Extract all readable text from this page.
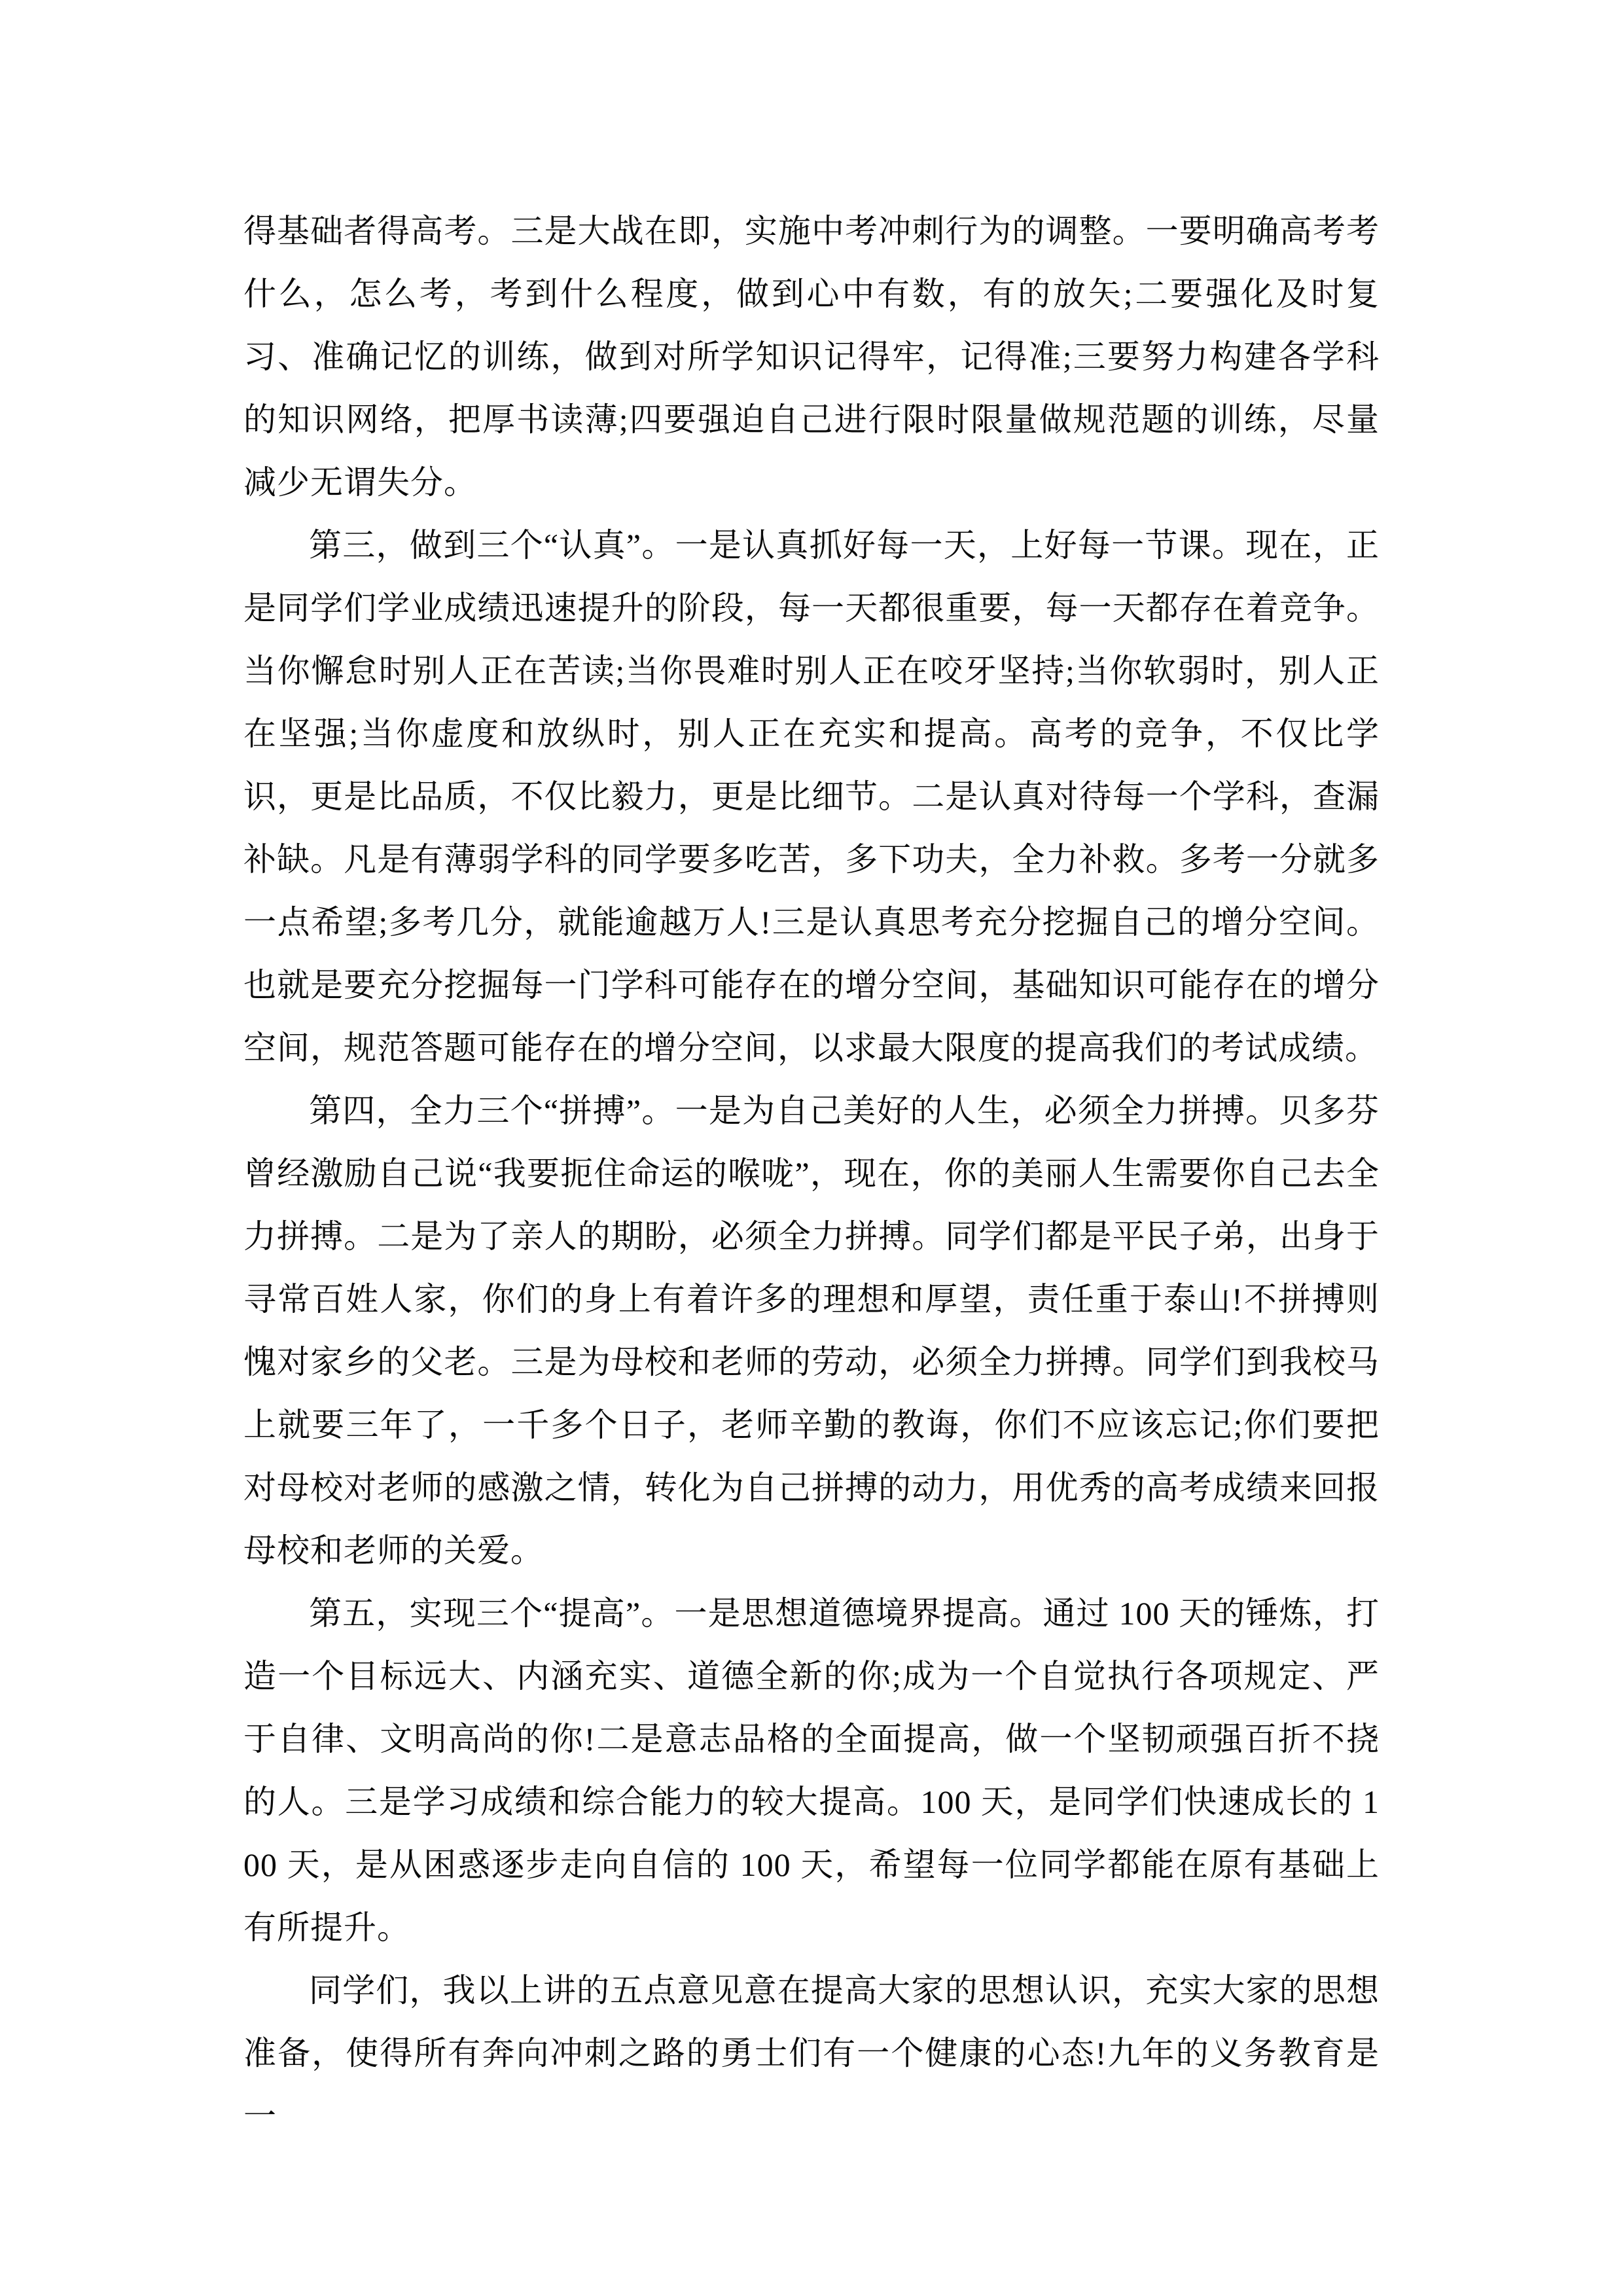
得基础者得高考。三是大战在即，实施中考冲刺行为的调整。一要明确高考考什么，怎么考，考到什么程度，做到心中有数，有的放矢;二要强化及时复习、准确记忆的训练，做到对所学知识记得牢，记得准;三要努力构建各学科的知识网络，把厚书读薄;四要强迫自己进行限时限量做规范题的训练，尽量减少无谓失分。

第三，做到三个“认真”。一是认真抓好每一天，上好每一节课。现在，正是同学们学业成绩迅速提升的阶段，每一天都很重要，每一天都存在着竞争。当你懈怠时别人正在苦读;当你畏难时别人正在咬牙坚持;当你软弱时，别人正在坚强;当你虚度和放纵时，别人正在充实和提高。高考的竞争，不仅比学识，更是比品质，不仅比毅力，更是比细节。二是认真对待每一个学科，查漏补缺。凡是有薄弱学科的同学要多吃苦，多下功夫，全力补救。多考一分就多一点希望;多考几分，就能逾越万人!三是认真思考充分挖掘自己的增分空间。也就是要充分挖掘每一门学科可能存在的增分空间，基础知识可能存在的增分空间，规范答题可能存在的增分空间，以求最大限度的提高我们的考试成绩。

第四，全力三个“拼搏”。一是为自己美好的人生，必须全力拼搏。贝多芬曾经激励自己说“我要扼住命运的喉咙”，现在，你的美丽人生需要你自己去全力拼搏。二是为了亲人的期盼，必须全力拼搏。同学们都是平民子弟，出身于寻常百姓人家，你们的身上有着许多的理想和厚望，责任重于泰山!不拼搏则愧对家乡的父老。三是为母校和老师的劳动，必须全力拼搏。同学们到我校马上就要三年了，一千多个日子，老师辛勤的教诲，你们不应该忘记;你们要把对母校对老师的感激之情，转化为自己拼搏的动力，用优秀的高考成绩来回报母校和老师的关爱。

第五，实现三个“提高”。一是思想道德境界提高。通过 100 天的锤炼，打造一个目标远大、内涵充实、道德全新的你;成为一个自觉执行各项规定、严于自律、文明高尚的你!二是意志品格的全面提高，做一个坚韧顽强百折不挠的人。三是学习成绩和综合能力的较大提高。100 天，是同学们快速成长的 100 天，是从困惑逐步走向自信的 100 天，希望每一位同学都能在原有基础上有所提升。

同学们，我以上讲的五点意见意在提高大家的思想认识，充实大家的思想准备，使得所有奔向冲刺之路的勇士们有一个健康的心态!九年的义务教育是一
